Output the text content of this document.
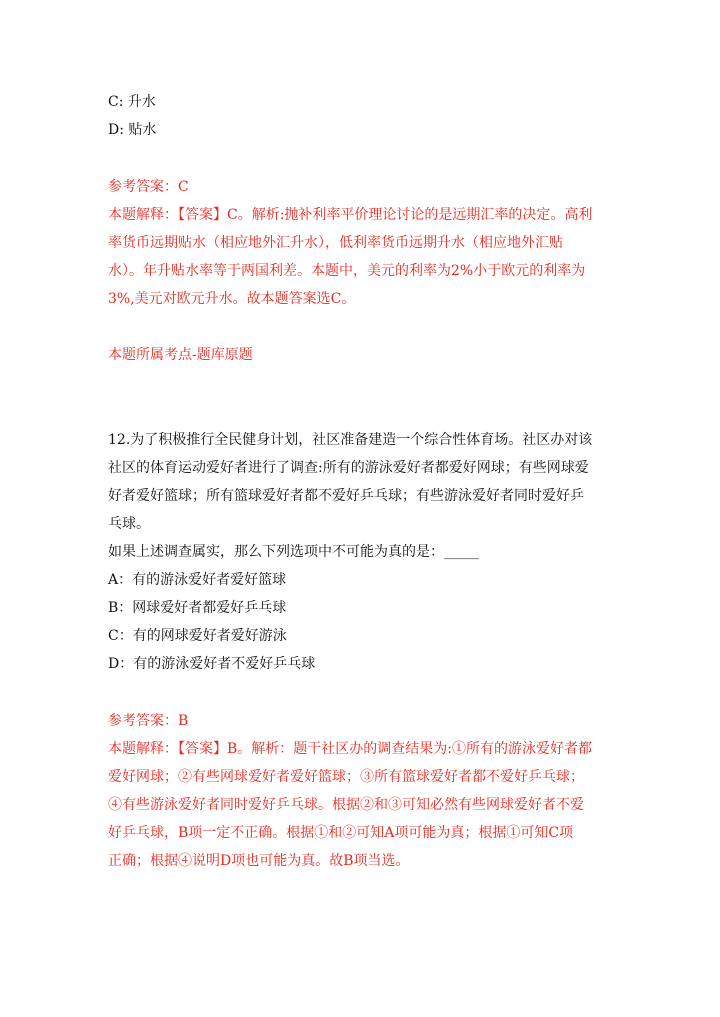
C: 升水
D: 贴水
参考答案：C
本题解释：【答案】C。解析:抛补利率平价理论讨论的是远期汇率的决定。高利
率货币远期贴水（相应地外汇升水），低利率货币远期升水（相应地外汇贴
水）。年升贴水率等于两国利差。本题中，美元的利率为2%小于欧元的利率为
3%,美元对欧元升水。故本题答案选C。
本题所属考点-题库原题
12.为了积极推行全民健身计划，社区准备建造一个综合性体育场。社区办对该
社区的体育运动爱好者进行了调查:所有的游泳爱好者都爱好网球；有些网球爱
好者爱好篮球；所有篮球爱好者都不爱好乒乓球；有些游泳爱好者同时爱好乒
乓球。
如果上述调查属实，那么下列选项中不可能为真的是：_____
A：有的游泳爱好者爱好篮球
B：网球爱好者都爱好乒乓球
C：有的网球爱好者爱好游泳
D：有的游泳爱好者不爱好乒乓球
参考答案：B
本题解释：【答案】B。解析：题干社区办的调查结果为:①所有的游泳爱好者都
爱好网球；②有些网球爱好者爱好篮球；③所有篮球爱好者都不爱好乒乓球；
④有些游泳爱好者同时爱好乒乓球。根据②和③可知必然有些网球爱好者不爱
好乒乓球，B项一定不正确。根据①和②可知A项可能为真；根据①可知C项
正确；根据④说明D项也可能为真。故B项当选。
